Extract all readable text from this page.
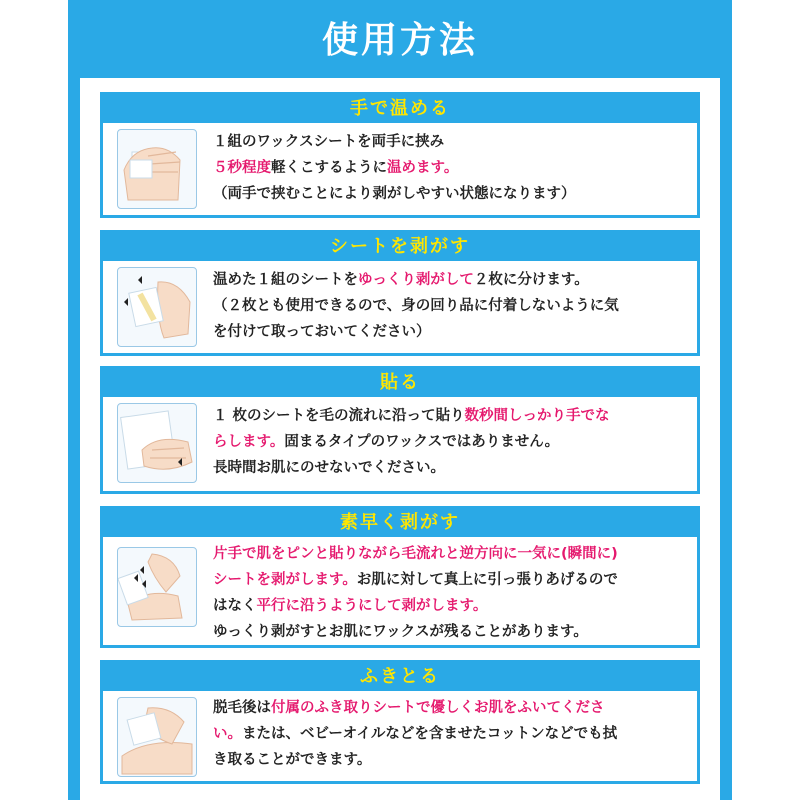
使用方法
手で温める
１組のワックスシートを両手に挟み
５秒程度軽くこするように温めます。
（両手で挟むことにより剥がしやすい状態になります）
シートを剥がす
温めた１組のシートをゆっくり剥がして２枚に分けます。
（２枚とも使用できるので、身の回り品に付着しないように気
を付けて取っておいてください）
貼る
１ 枚のシートを毛の流れに沿って貼り数秒間しっかり手でな
らします。固まるタイプのワックスではありません。
長時間お肌にのせないでください。
素早く剥がす
片手で肌をピンと貼りながら毛流れと逆方向に一気に(瞬間に)
シートを剥がします。お肌に対して真上に引っ張りあげるので
はなく平行に沿うようにして剥がします。
ゆっくり剥がすとお肌にワックスが残ることがあります。
ふきとる
脱毛後は付属のふき取りシートで優しくお肌をふいてくださ
い。または、ベビーオイルなどを含ませたコットンなどでも拭
き取ることができます。
